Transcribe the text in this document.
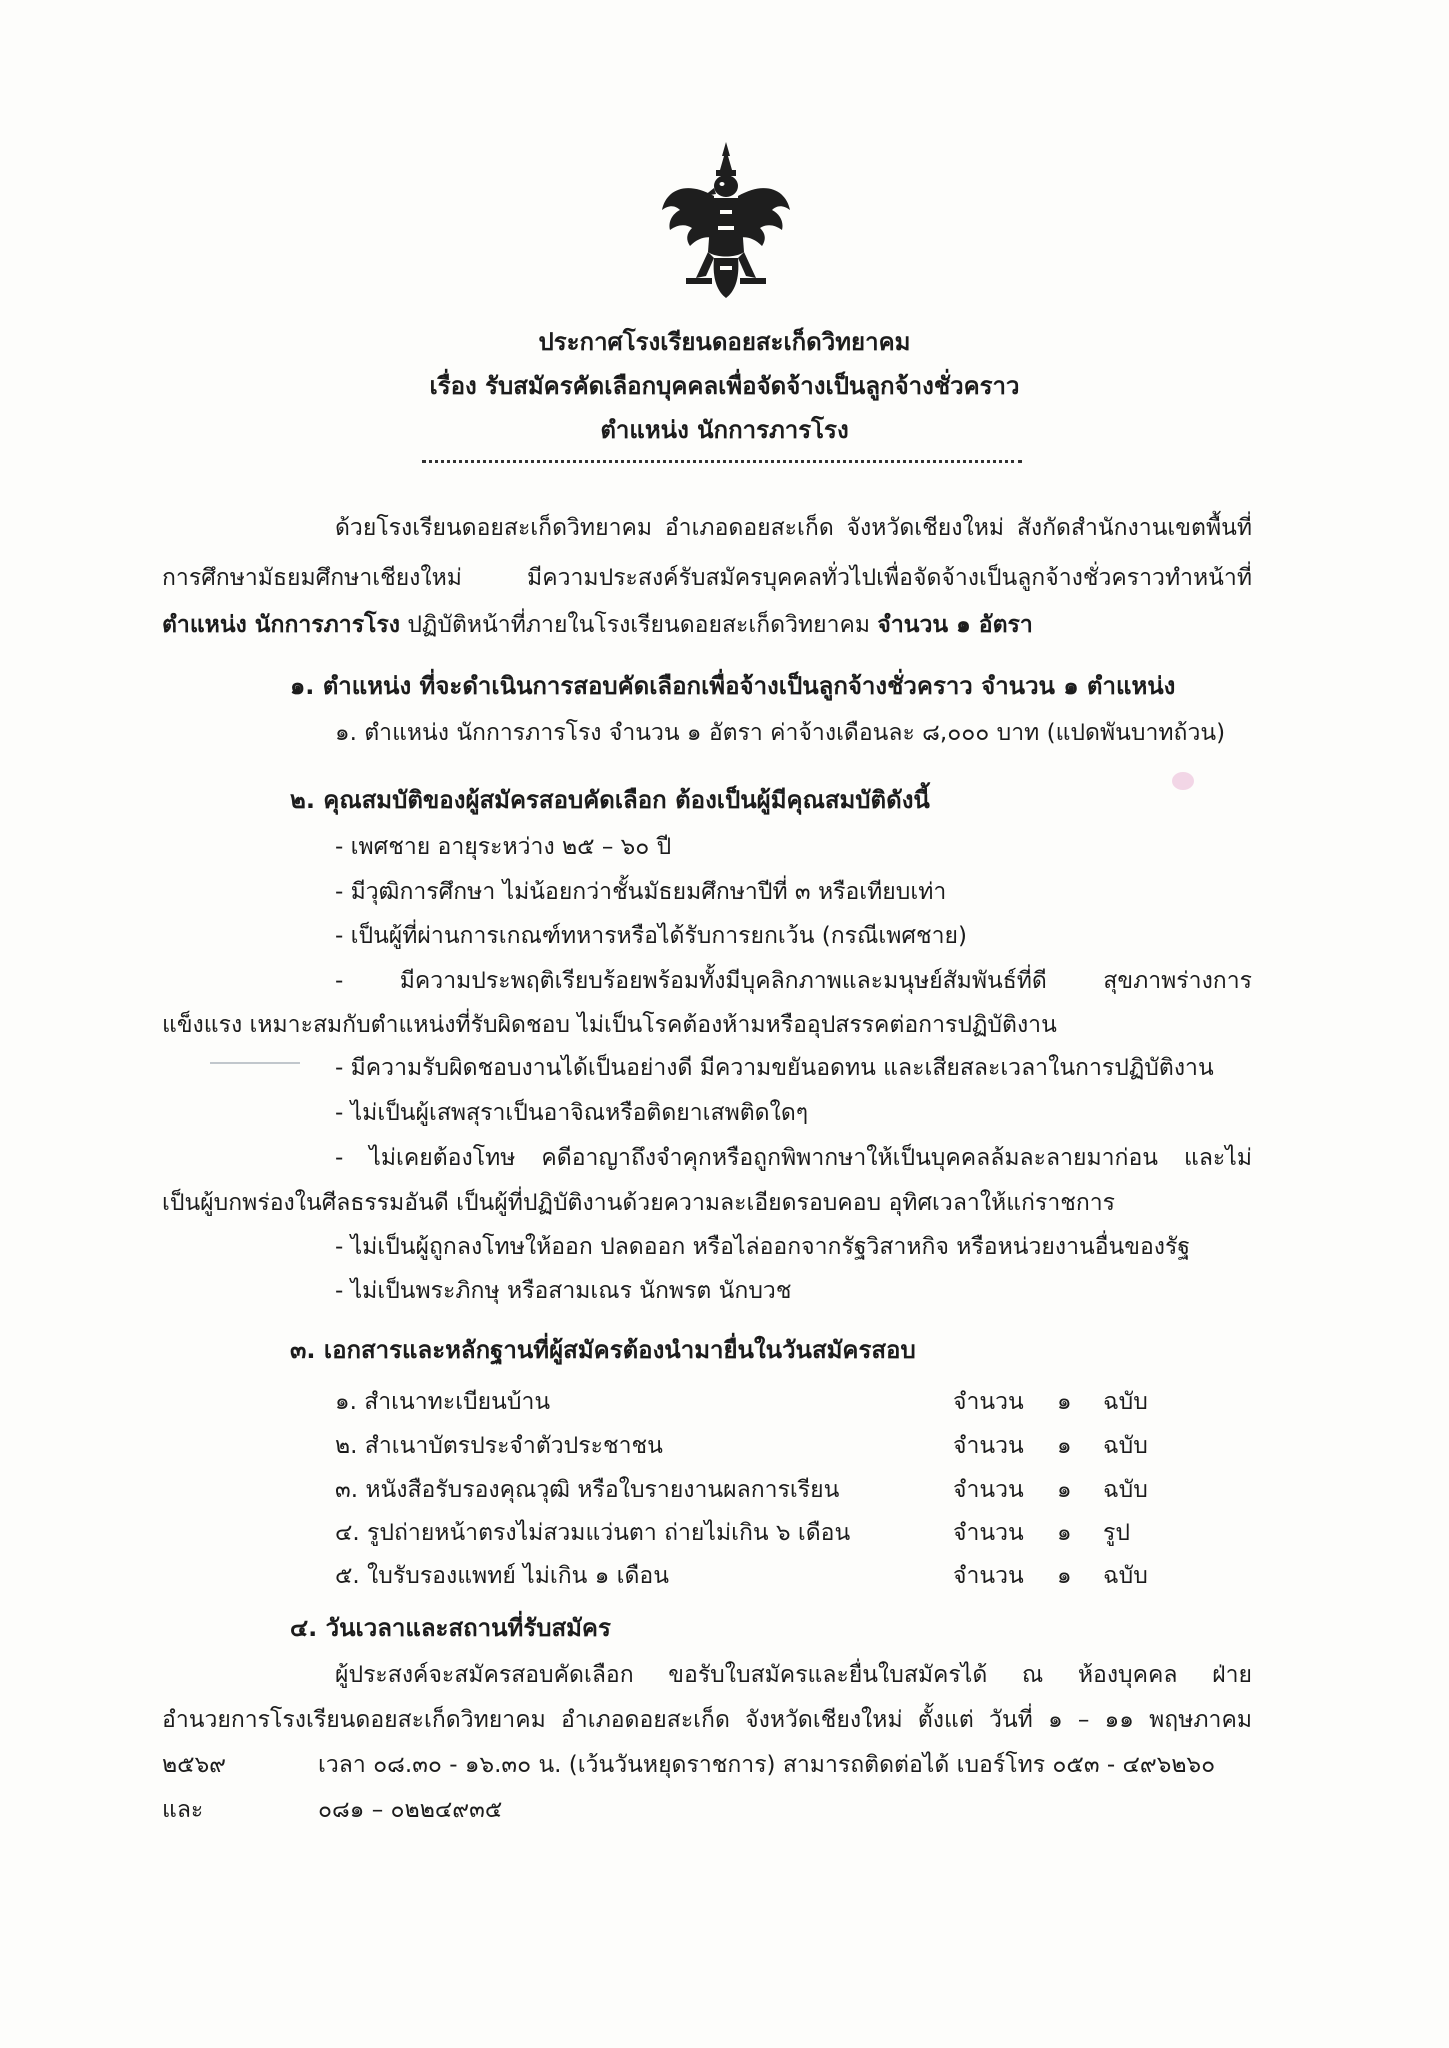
ประกาศโรงเรียนดอยสะเก็ดวิทยาคม
เรื่อง รับสมัครคัดเลือกบุคคลเพื่อจัดจ้างเป็นลูกจ้างชั่วคราว
ตำแหน่ง นักการภารโรง
ด้วยโรงเรียนดอยสะเก็ดวิทยาคม อำเภอดอยสะเก็ด จังหวัดเชียงใหม่ สังกัดสำนักงานเขตพื้นที่
การศึกษามัธยมศึกษาเชียงใหม่ มีความประสงค์รับสมัครบุคคลทั่วไปเพื่อจัดจ้างเป็นลูกจ้างชั่วคราวทำหน้าที่
ตำแหน่ง นักการภารโรง ปฏิบัติหน้าที่ภายในโรงเรียนดอยสะเก็ดวิทยาคม จำนวน ๑ อัตรา
๑. ตำแหน่ง ที่จะดำเนินการสอบคัดเลือกเพื่อจ้างเป็นลูกจ้างชั่วคราว จำนวน ๑ ตำแหน่ง
๑. ตำแหน่ง นักการภารโรง จำนวน ๑ อัตรา ค่าจ้างเดือนละ ๘,๐๐๐ บาท (แปดพันบาทถ้วน)
๒. คุณสมบัติของผู้สมัครสอบคัดเลือก ต้องเป็นผู้มีคุณสมบัติดังนี้
- เพศชาย อายุระหว่าง ๒๕ – ๖๐ ปี
- มีวุฒิการศึกษา ไม่น้อยกว่าชั้นมัธยมศึกษาปีที่ ๓ หรือเทียบเท่า
- เป็นผู้ที่ผ่านการเกณฑ์ทหารหรือได้รับการยกเว้น (กรณีเพศชาย)
- มีความประพฤติเรียบร้อยพร้อมทั้งมีบุคลิกภาพและมนุษย์สัมพันธ์ที่ดี สุขภาพร่างการ
แข็งแรง เหมาะสมกับตำแหน่งที่รับผิดชอบ ไม่เป็นโรคต้องห้ามหรืออุปสรรคต่อการปฏิบัติงาน
- มีความรับผิดชอบงานได้เป็นอย่างดี มีความขยันอดทน และเสียสละเวลาในการปฏิบัติงาน
- ไม่เป็นผู้เสพสุราเป็นอาจิณหรือติดยาเสพติดใดๆ
- ไม่เคยต้องโทษ คดีอาญาถึงจำคุกหรือถูกพิพากษาให้เป็นบุคคลล้มละลายมาก่อน และไม่
เป็นผู้บกพร่องในศีลธรรมอันดี เป็นผู้ที่ปฏิบัติงานด้วยความละเอียดรอบคอบ อุทิศเวลาให้แก่ราชการ
- ไม่เป็นผู้ถูกลงโทษให้ออก ปลดออก หรือไล่ออกจากรัฐวิสาหกิจ หรือหน่วยงานอื่นของรัฐ
- ไม่เป็นพระภิกษุ หรือสามเณร นักพรต นักบวช
๓. เอกสารและหลักฐานที่ผู้สมัครต้องนำมายื่นในวันสมัครสอบ
๑. สำเนาทะเบียนบ้าน	จำนวน ๑ ฉบับ
๒. สำเนาบัตรประจำตัวประชาชน	จำนวน ๑ ฉบับ
๓. หนังสือรับรองคุณวุฒิ หรือใบรายงานผลการเรียน	จำนวน ๑ ฉบับ
๔. รูปถ่ายหน้าตรงไม่สวมแว่นตา ถ่ายไม่เกิน ๖ เดือน	จำนวน ๑ รูป
๕. ใบรับรองแพทย์ ไม่เกิน ๑ เดือน	จำนวน ๑ ฉบับ
๔. วันเวลาและสถานที่รับสมัคร
ผู้ประสงค์จะสมัครสอบคัดเลือก ขอรับใบสมัครและยื่นใบสมัครได้ ณ ห้องบุคคล ฝ่าย
อำนวยการโรงเรียนดอยสะเก็ดวิทยาคม อำเภอดอยสะเก็ด จังหวัดเชียงใหม่ ตั้งแต่ วันที่ ๑ – ๑๑ พฤษภาคม
๒๕๖๙	เวลา ๐๘.๓๐ - ๑๖.๓๐ น. (เว้นวันหยุดราชการ) สามารถติดต่อได้ เบอร์โทร ๐๕๓ - ๔๙๖๒๖๐
และ	๐๘๑ – ๐๒๒๔๙๓๕
